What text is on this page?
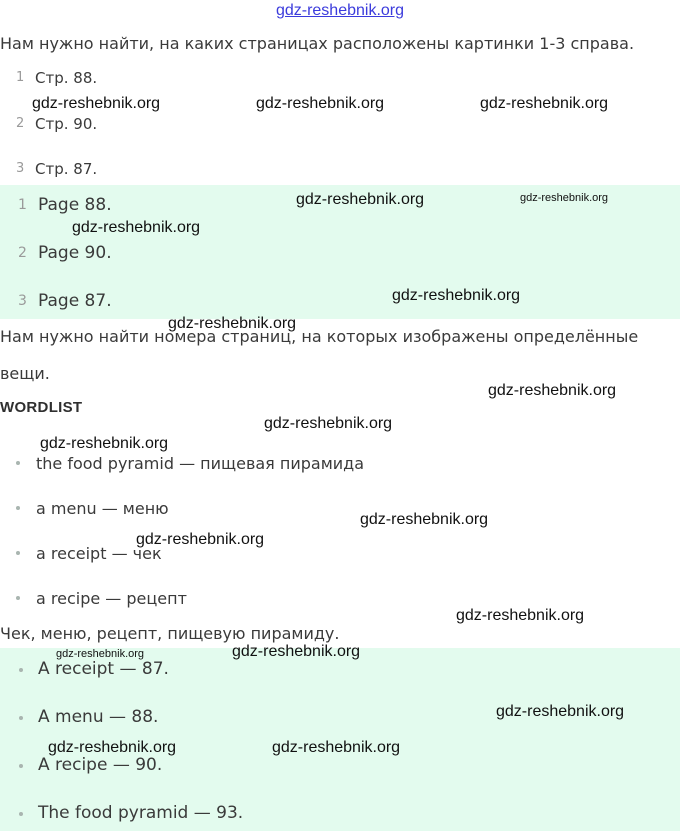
gdz-reshebnik.org
Нам нужно найти, на каких страницах расположены картинки 1-3 справа.
1 Стр. 88.
2 Стр. 90.
3 Стр. 87.
1 Page 88.
2 Page 90.
3 Page 87.
Нам нужно найти номера страниц, на которых изображены определённые
вещи.
WORDLIST
the food pyramid — пищевая пирамида
a menu — меню
a receipt — чек
a recipe — рецепт
Чек, меню, рецепт, пищевую пирамиду.
A receipt — 87.
A menu — 88.
A recipe — 90.
The food pyramid — 93.
gdz-reshebnik.org	gdz-reshebnik.org	gdz-reshebnik.org
gdz-reshebnik.org	gdz-reshebnik.org
gdz-reshebnik.org
gdz-reshebnik.org
gdz-reshebnik.org
gdz-reshebnik.org
gdz-reshebnik.org
gdz-reshebnik.org
gdz-reshebnik.org
gdz-reshebnik.org
gdz-reshebnik.org
gdz-reshebnik.org
gdz-reshebnik.org
gdz-reshebnik.org
gdz-reshebnik.org	gdz-reshebnik.org
